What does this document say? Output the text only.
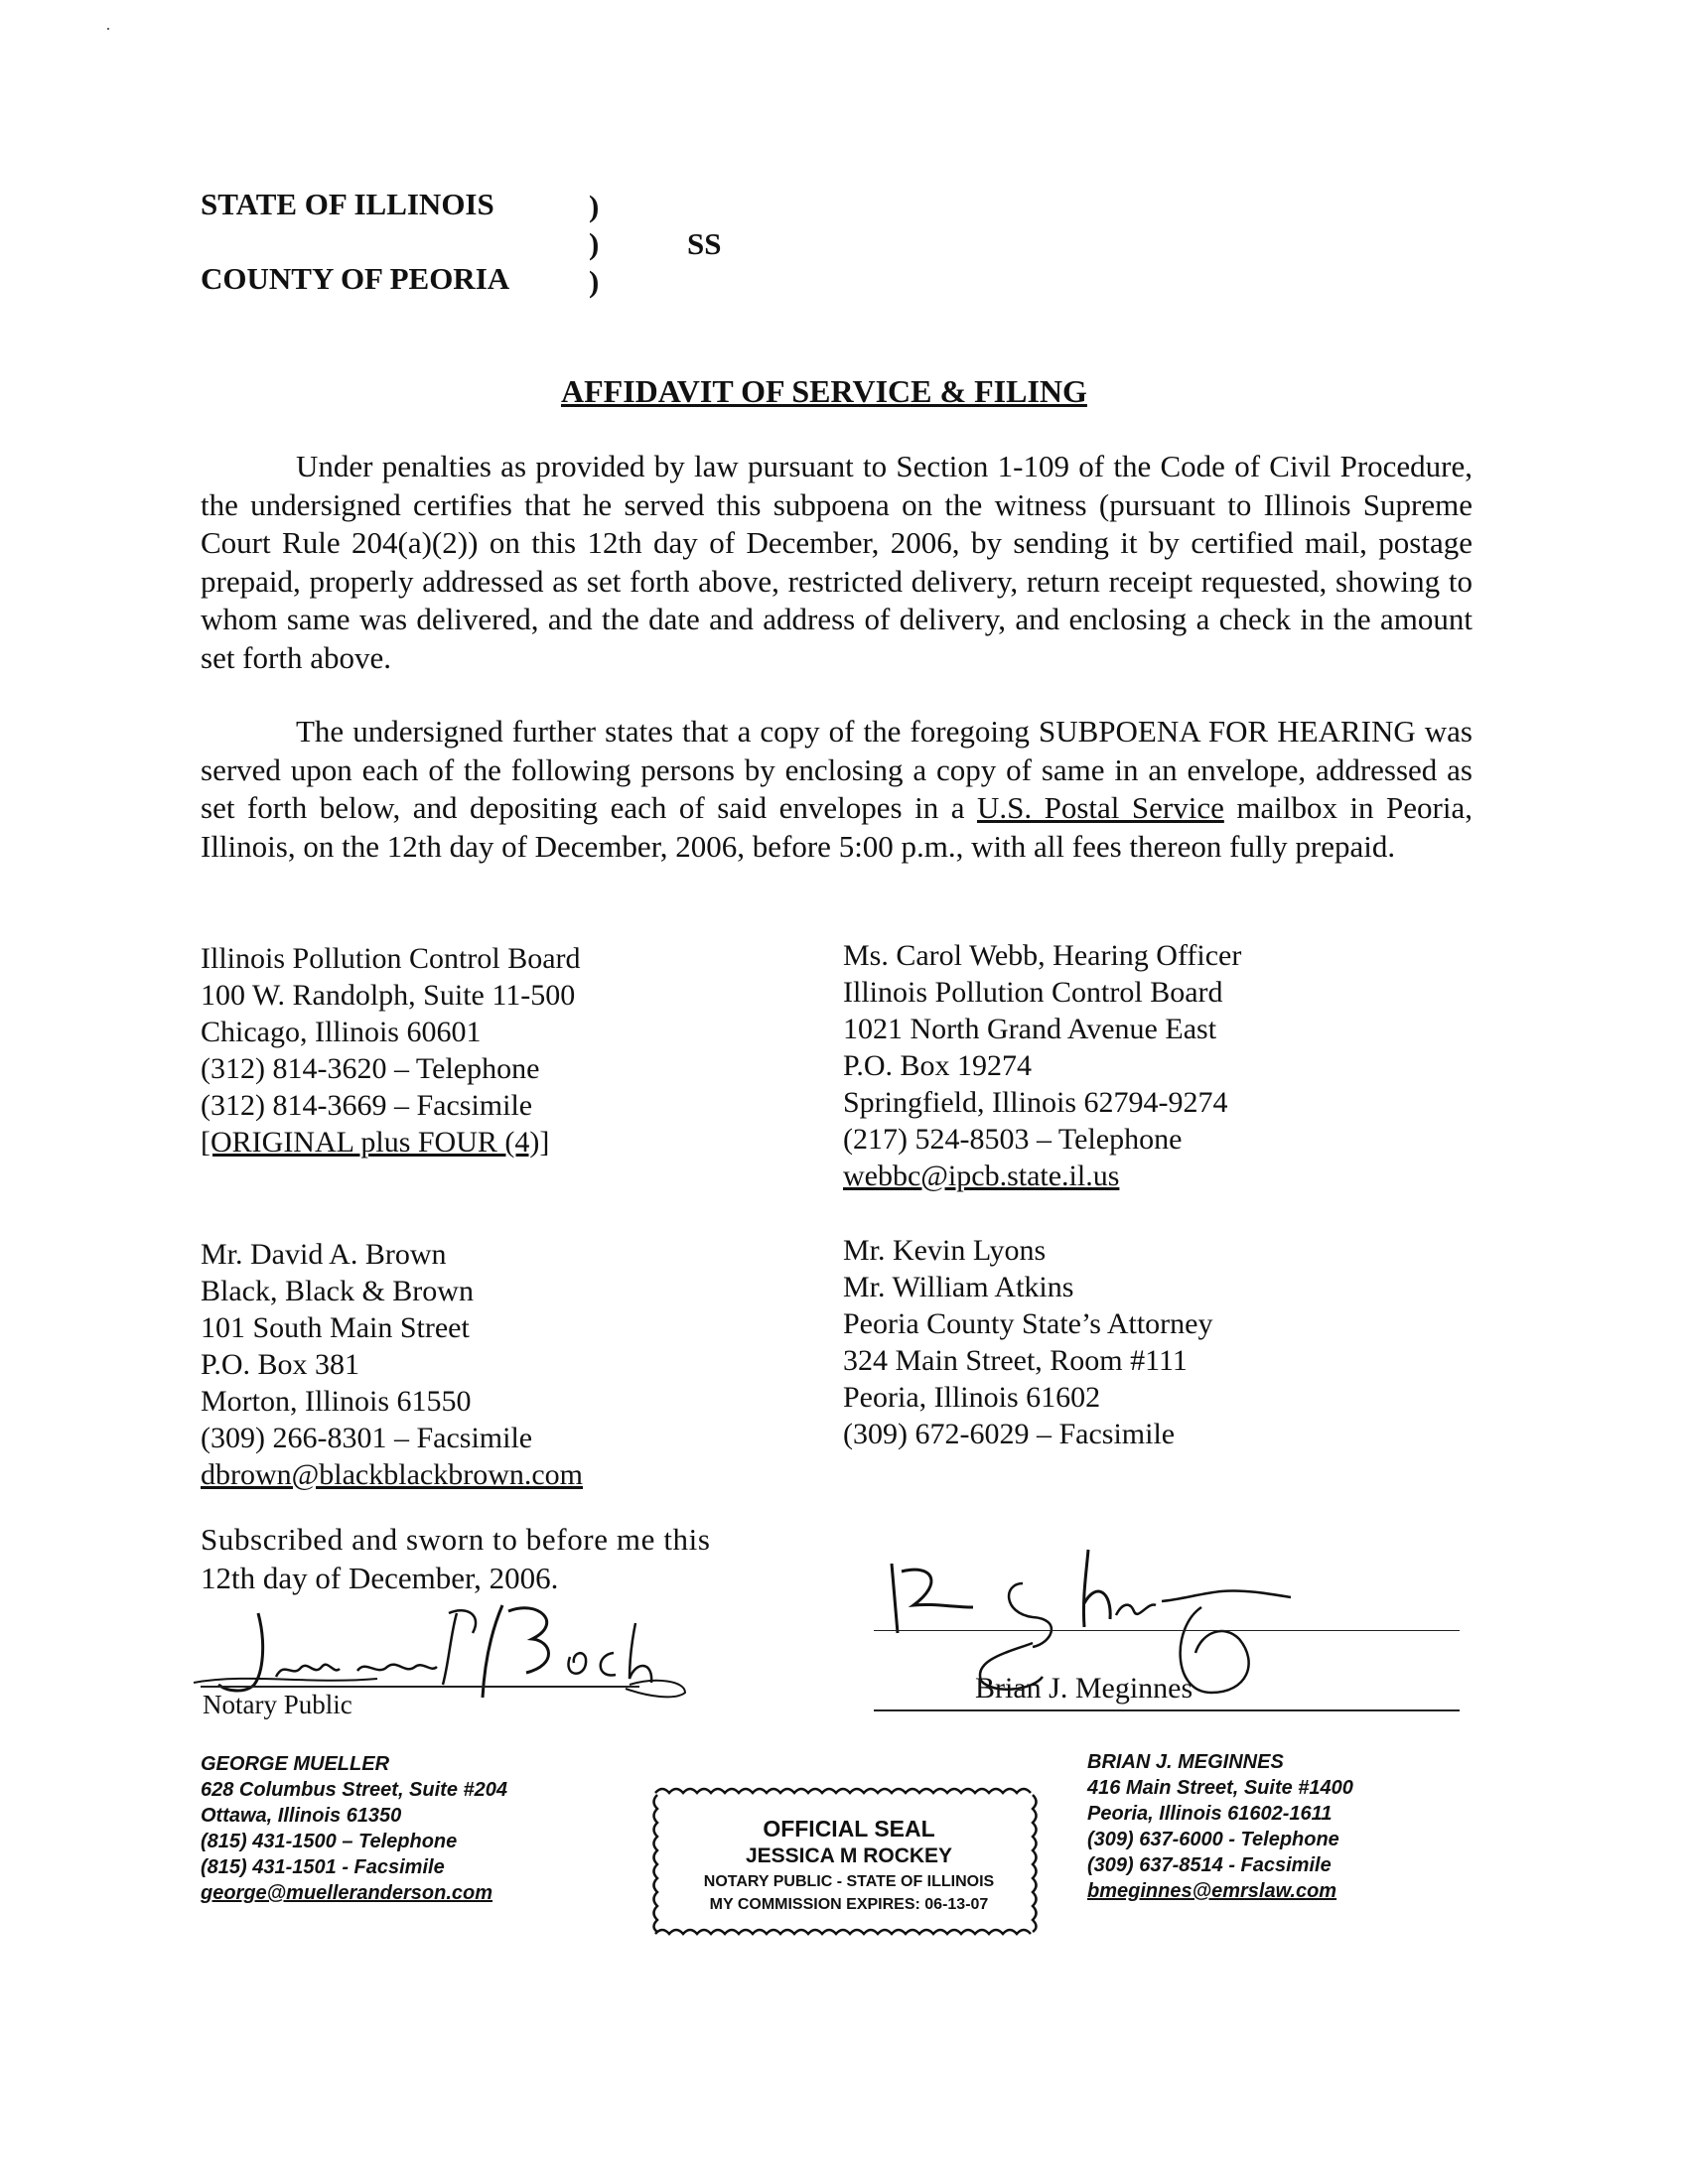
STATE OF ILLINOIS
COUNTY OF PEORIA
)
)
)
SS
AFFIDAVIT OF SERVICE & FILING
Under penalties as provided by law pursuant to Section 1-109 of the Code of Civil Procedure, the undersigned certifies that he served this subpoena on the witness (pursuant to Illinois Supreme Court Rule 204(a)(2)) on this 12th day of December, 2006, by sending it by certified mail, postage prepaid, properly addressed as set forth above, restricted delivery, return receipt requested, showing to whom same was delivered, and the date and address of delivery, and enclosing a check in the amount set forth above.
The undersigned further states that a copy of the foregoing SUBPOENA FOR HEARING was served upon each of the following persons by enclosing a copy of same in an envelope, addressed as set forth below, and depositing each of said envelopes in a U.S. Postal Service mailbox in Peoria, Illinois, on the 12th day of December, 2006, before 5:00 p.m., with all fees thereon fully prepaid.
Illinois Pollution Control Board
100 W. Randolph, Suite 11-500
Chicago, Illinois 60601
(312) 814-3620 – Telephone
(312) 814-3669 – Facsimile
[ORIGINAL plus FOUR (4)]
Ms. Carol Webb, Hearing Officer
Illinois Pollution Control Board
1021 North Grand Avenue East
P.O. Box 19274
Springfield, Illinois 62794-9274
(217) 524-8503 – Telephone
webbc@ipcb.state.il.us
Mr. David A. Brown
Black, Black & Brown
101 South Main Street
P.O. Box 381
Morton, Illinois 61550
(309) 266-8301 – Facsimile
dbrown@blackblackbrown.com
Mr. Kevin Lyons
Mr. William Atkins
Peoria County State’s Attorney
324 Main Street, Room #111
Peoria, Illinois 61602
(309) 672-6029 – Facsimile
Subscribed and sworn to before me this
12th day of December, 2006.
Notary Public	Brian J. Meginnes
GEORGE MUELLER
628 Columbus Street, Suite #204
Ottawa, Illinois 61350
(815) 431-1500 – Telephone
(815) 431-1501 - Facsimile
george@muelleranderson.com
BRIAN J. MEGINNES
416 Main Street, Suite #1400
Peoria, Illinois 61602-1611
(309) 637-6000 - Telephone
(309) 637-8514 - Facsimile
bmeginnes@emrslaw.com
OFFICIAL SEAL
JESSICA M ROCKEY
NOTARY PUBLIC - STATE OF ILLINOIS
MY COMMISSION EXPIRES: 06-13-07
